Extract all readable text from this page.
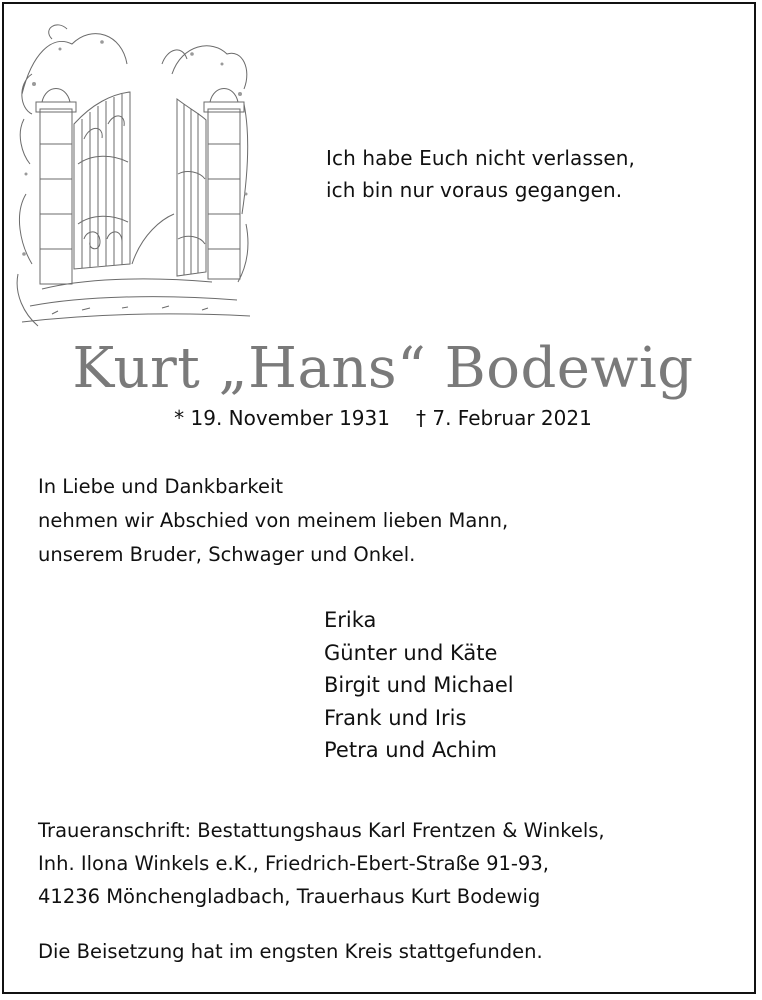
Ich habe Euch nicht verlassen,
ich bin nur voraus gegangen.
Kurt „Hans“ Bodewig
* 19. November 1931 † 7. Februar 2021
In Liebe und Dankbarkeit
nehmen wir Abschied von meinem lieben Mann,
unserem Bruder, Schwager und Onkel.
Erika
Günter und Käte
Birgit und Michael
Frank und Iris
Petra und Achim
Traueranschrift: Bestattungshaus Karl Frentzen & Winkels,
Inh. Ilona Winkels e.K., Friedrich-Ebert-Straße 91-93,
41236 Mönchengladbach, Trauerhaus Kurt Bodewig
Die Beisetzung hat im engsten Kreis stattgefunden.
